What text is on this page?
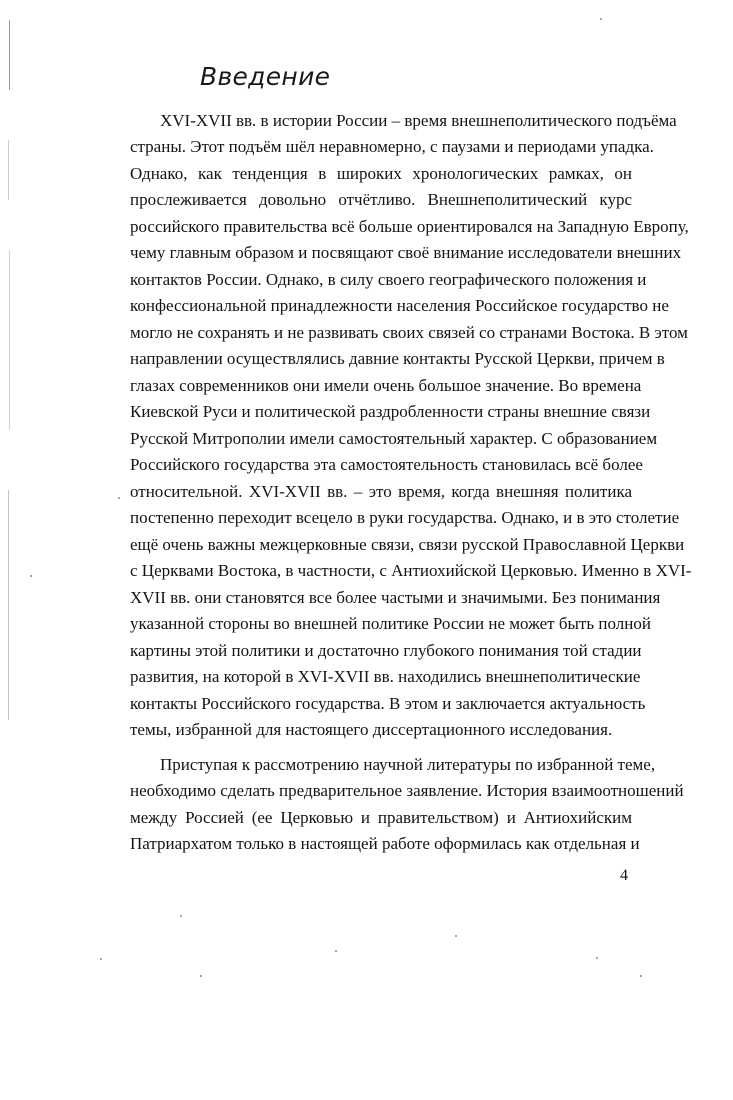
Введение

XVI-XVII вв. в истории России – время внешнеполитического подъёма

страны. Этот подъём шёл неравномерно, с паузами и периодами упадка.

Однако, как тенденция в широких хронологических рамках, он

прослеживается довольно отчётливо. Внешнеполитический курс

российского правительства всё больше ориентировался на Западную Европу,

чему главным образом и посвящают своё внимание исследователи внешних

контактов России. Однако, в силу своего географического положения и

конфессиональной принадлежности населения Российское государство не

могло не сохранять и не развивать своих связей со странами Востока. В этом

направлении осуществлялись давние контакты Русской Церкви, причем в

глазах современников они имели очень большое значение. Во времена

Киевской Руси и политической раздробленности страны внешние связи

Русской Митрополии имели самостоятельный характер. С образованием

Российского государства эта самостоятельность становилась всё более

относительной. XVI-XVII вв. – это время, когда внешняя политика

постепенно переходит всецело в руки государства. Однако, и в это столетие

ещё очень важны межцерковные связи, связи русской Православной Церкви

с Церквами Востока, в частности, с Антиохийской Церковью. Именно в XVI-

XVII вв. они становятся все более частыми и значимыми. Без понимания

указанной стороны во внешней политике России не может быть полной

картины этой политики и достаточно глубокого понимания той стадии

развития, на которой в XVI-XVII вв. находились внешнеполитические

контакты Российского государства. В этом и заключается актуальность

темы, избранной для настоящего диссертационного исследования.

Приступая к рассмотрению научной литературы по избранной теме,

необходимо сделать предварительное заявление. История взаимоотношений

между Россией (ее Церковью и правительством) и Антиохийским

Патриархатом только в настоящей работе оформилась как отдельная и

4
